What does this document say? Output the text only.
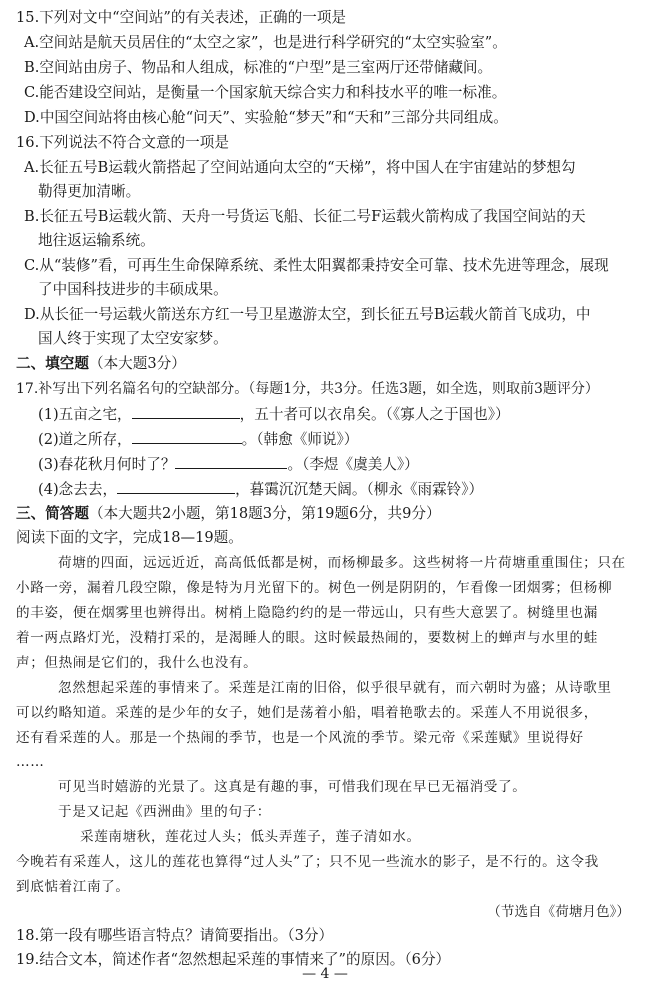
15.下列对文中“空间站”的有关表述，正确的一项是
A.空间站是航天员居住的“太空之家”，也是进行科学研究的“太空实验室”。
B.空间站由房子、物品和人组成，标准的“户型”是三室两厅还带储藏间。
C.能否建设空间站，是衡量一个国家航天综合实力和科技水平的唯一标准。
D.中国空间站将由核心舱“问天”、实验舱“梦天”和“天和”三部分共同组成。
16.下列说法不符合文意的一项是
A.长征五号B运载火箭搭起了空间站通向太空的“天梯”，将中国人在宇宙建站的梦想勾
勒得更加清晰。
B.长征五号B运载火箭、天舟一号货运飞船、长征二号F运载火箭构成了我国空间站的天
地往返运输系统。
C.从“装修”看，可再生生命保障系统、柔性太阳翼都秉持安全可靠、技术先进等理念，展现
了中国科技进步的丰硕成果。
D.从长征一号运载火箭送东方红一号卫星遨游太空，到长征五号B运载火箭首飞成功，中
国人终于实现了太空安家梦。
二、填空题（本大题3分）
17.补写出下列名篇名句的空缺部分。（每题1分，共3分。任选3题，如全选，则取前3题评分）
(1)五亩之宅，	，五十者可以衣帛矣。（《寡人之于国也》）
(2)道之所存，	。（韩愈《师说》）
(3)春花秋月何时了？	。（李煜《虞美人》）
(4)念去去，	，暮霭沉沉楚天阔。（柳永《雨霖铃》）
三、简答题（本大题共2小题，第18题3分，第19题6分，共9分）
阅读下面的文字，完成18—19题。
荷塘的四面，远远近近，高高低低都是树，而杨柳最多。这些树将一片荷塘重重围住；只在
小路一旁，漏着几段空隙，像是特为月光留下的。树色一例是阴阴的，乍看像一团烟雾；但杨柳
的丰姿，便在烟雾里也辨得出。树梢上隐隐约约的是一带远山，只有些大意罢了。树缝里也漏
着一两点路灯光，没精打采的，是渴睡人的眼。这时候最热闹的，要数树上的蝉声与水里的蛙
声；但热闹是它们的，我什么也没有。
忽然想起采莲的事情来了。采莲是江南的旧俗，似乎很早就有，而六朝时为盛；从诗歌里
可以约略知道。采莲的是少年的女子，她们是荡着小船，唱着艳歌去的。采莲人不用说很多，
还有看采莲的人。那是一个热闹的季节，也是一个风流的季节。梁元帝《采莲赋》里说得好
……
可见当时嬉游的光景了。这真是有趣的事，可惜我们现在早已无福消受了。
于是又记起《西洲曲》里的句子：
采莲南塘秋，莲花过人头；低头弄莲子，莲子清如水。
今晚若有采莲人，这儿的莲花也算得“过人头”了；只不见一些流水的影子，是不行的。这令我
到底惦着江南了。
（节选自《荷塘月色》）
18.第一段有哪些语言特点？请简要指出。（3分）
19.结合文本，简述作者“忽然想起采莲的事情来了”的原因。（6分）
— 4 —
